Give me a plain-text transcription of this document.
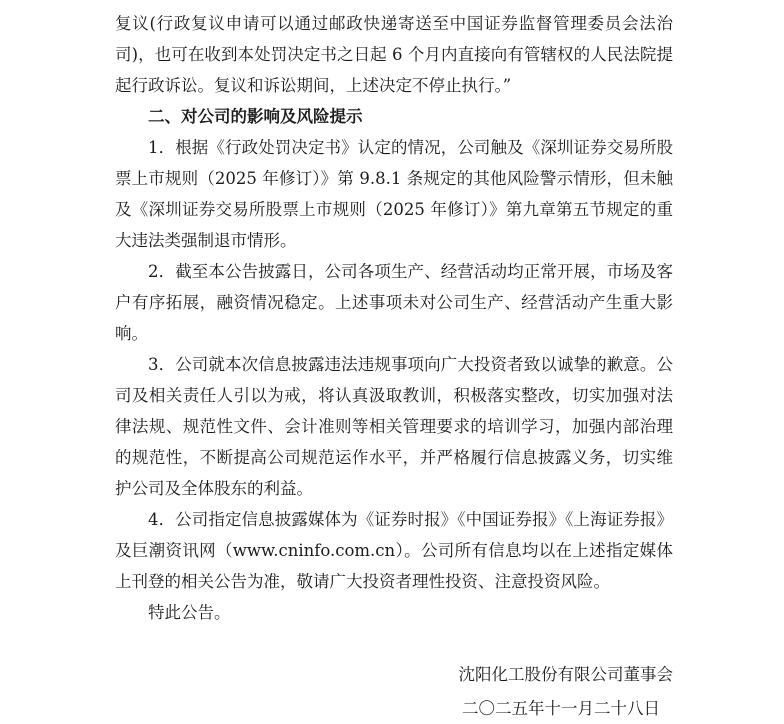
复议(行政复议申请可以通过邮政快递寄送至中国证券监督管理委员会法治司)，也可在收到本处罚决定书之日起 6 个月内直接向有管辖权的人民法院提起行政诉讼。复议和诉讼期间，上述决定不停止执行。”

二、对公司的影响及风险提示

1．根据《行政处罚决定书》认定的情况，公司触及《深圳证券交易所股票上市规则（2025 年修订）》第 9.8.1 条规定的其他风险警示情形，但未触及《深圳证券交易所股票上市规则（2025 年修订）》第九章第五节规定的重大违法类强制退市情形。

2．截至本公告披露日，公司各项生产、经营活动均正常开展，市场及客户有序拓展，融资情况稳定。上述事项未对公司生产、经营活动产生重大影响。

3．公司就本次信息披露违法违规事项向广大投资者致以诚挚的歉意。公司及相关责任人引以为戒，将认真汲取教训，积极落实整改，切实加强对法律法规、规范性文件、会计准则等相关管理要求的培训学习，加强内部治理的规范性，不断提高公司规范运作水平，并严格履行信息披露义务，切实维护公司及全体股东的利益。

4．公司指定信息披露媒体为《证券时报》《中国证券报》《上海证券报》及巨潮资讯网（www.cninfo.com.cn）。公司所有信息均以在上述指定媒体上刊登的相关公告为准，敬请广大投资者理性投资、注意投资风险。

特此公告。

沈阳化工股份有限公司董事会

二〇二五年十一月二十八日
